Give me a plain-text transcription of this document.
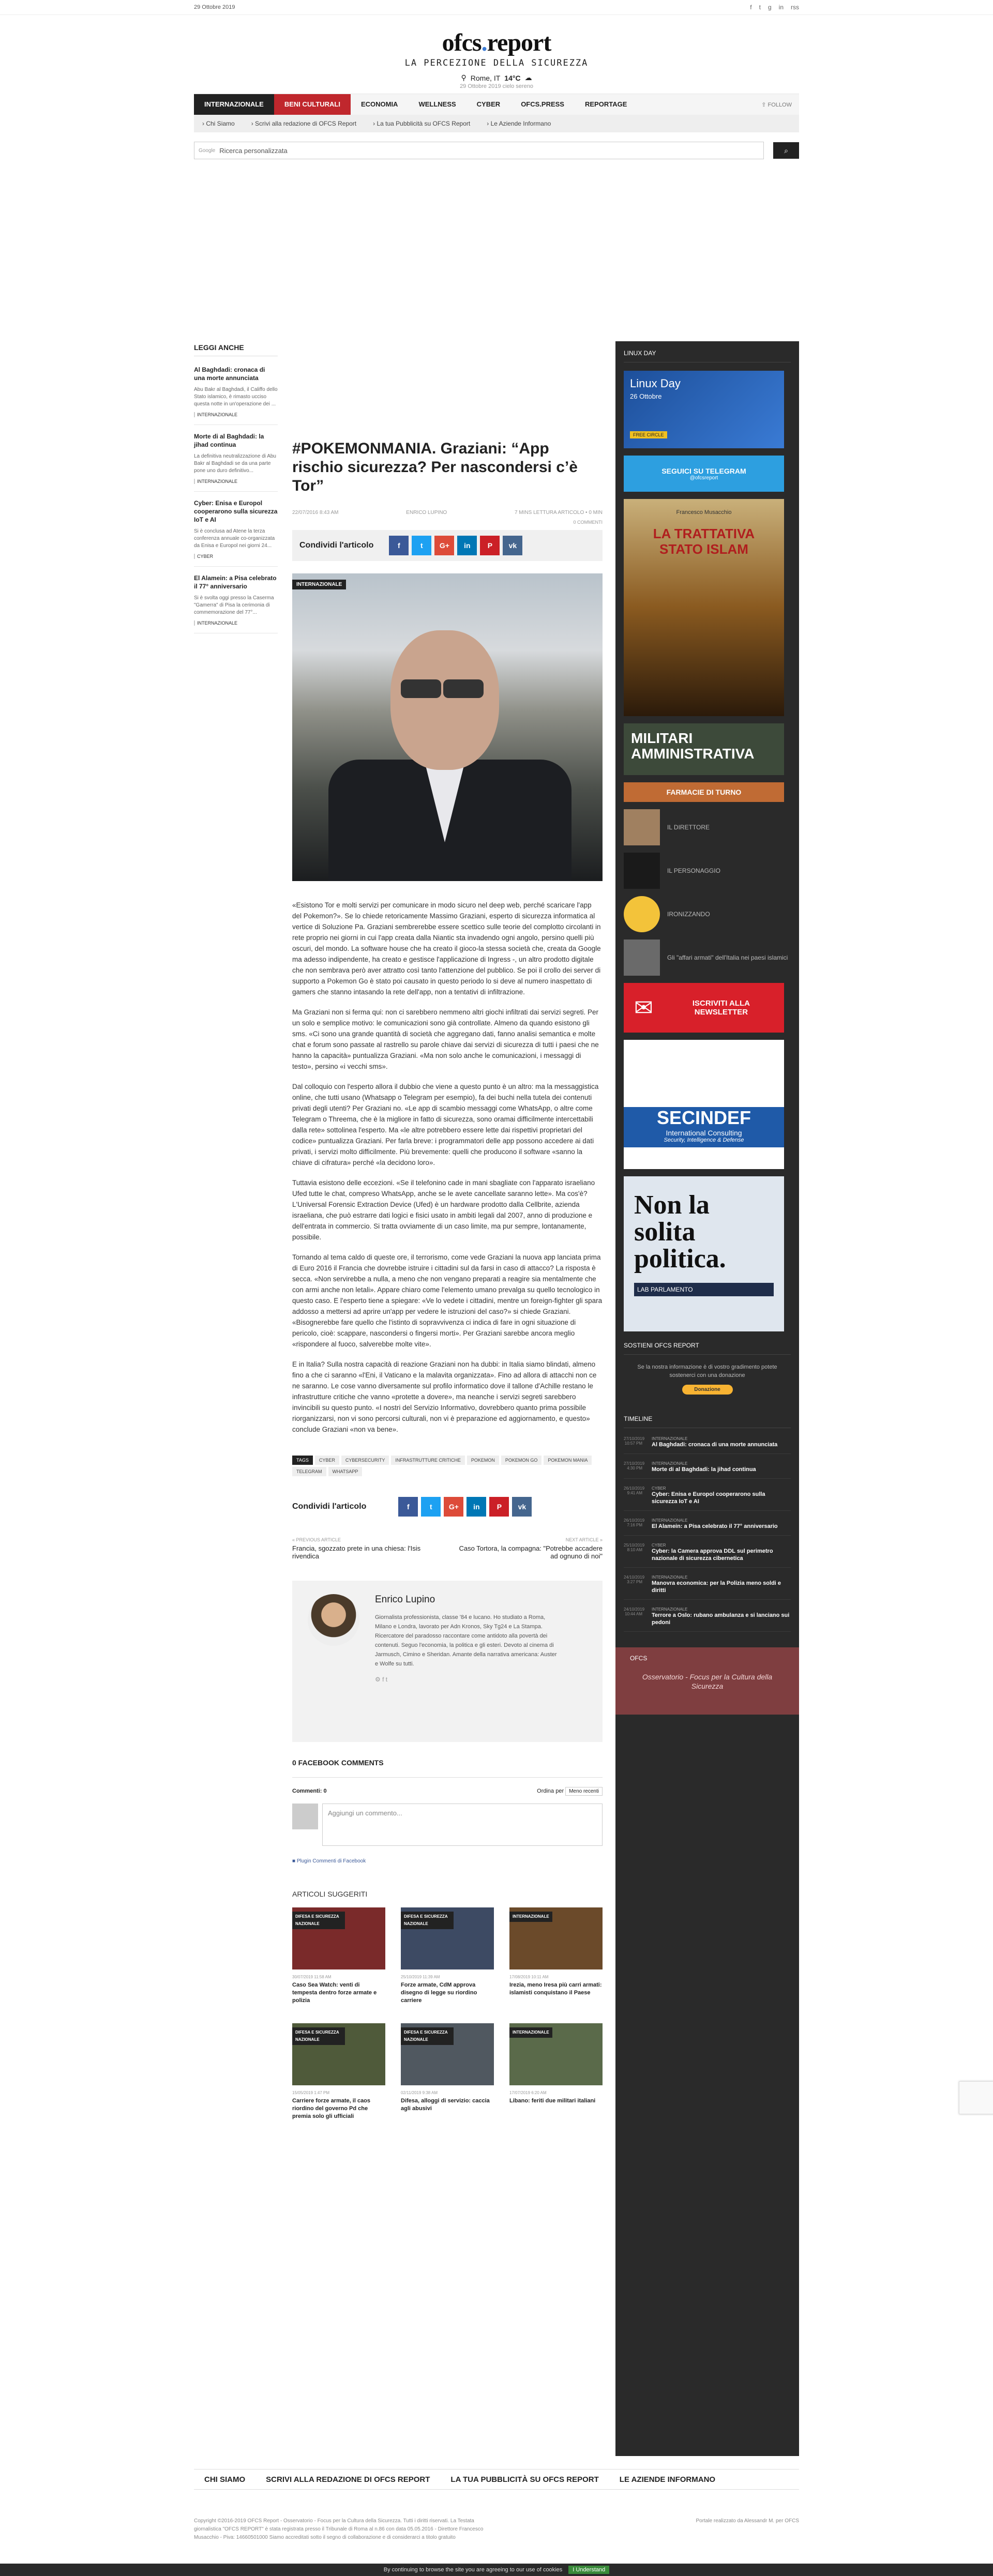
29 Ottobre 2019	f t g in rss
ofcs.report
LA PERCEZIONE DELLA SICUREZZA
⚲ Rome, IT 14°C ☁
29 Ottobre 2019 cielo sereno
INTERNAZIONALE	BENI CULTURALI	ECONOMIA	WELLNESS	CYBER	OFCS.PRESS	REPORTAGE	⇪ FOLLOW
› Chi Siamo	› Scrivi alla redazione di OFCS Report	› La tua Pubblicità su OFCS Report	› Le Aziende Informano
Google Ricerca personalizzata	⌕
LEGGI ANCHE
Al Baghdadi: cronaca di una morte annunciata
Abu Bakr al Baghdadi, il Califfo dello Stato islamico, è rimasto ucciso questa notte in un'operazione dei ...
INTERNAZIONALE
Morte di al Baghdadi: la jihad continua
La definitiva neutralizzazione di Abu Bakr al Baghdadi se da una parte pone uno duro definitivo...
INTERNAZIONALE
Cyber: Enisa e Europol cooperarono sulla sicurezza IoT e AI
Si è conclusa ad Atene la terza conferenza annuale co-organizzata da Enisa e Europol nei giorni 24...
CYBER
El Alamein: a Pisa celebrato il 77° anniversario
Si è svolta oggi presso la Caserma "Gamerra" di Pisa la cerimonia di commemorazione del 77°...
INTERNAZIONALE
#POKEMONMANIA. Graziani: “App rischio sicurezza? Per nascondersi c’è Tor”
22/07/2016 8:43 AM	ENRICO LUPINO	7 MINS LETTURA ARTICOLO • 0 MIN
0 COMMENTI
Condividi l'articolo	f	t	G+	in	P	vk
INTERNAZIONALE

«Esistono Tor e molti servizi per comunicare in modo sicuro nel deep web, perché scaricare l'app del Pokemon?». Se lo chiede retoricamente Massimo Graziani, esperto di sicurezza informatica al vertice di Soluzione Pa. Graziani sembrerebbe essere scettico sulle teorie del complotto circolanti in rete proprio nei giorni in cui l'app creata dalla Niantic sta invadendo ogni angolo, persino quelli più oscuri, del mondo. La software house che ha creato il gioco-la stessa società che, creata da Google ma adesso indipendente, ha creato e gestisce l'applicazione di Ingress -, un altro prodotto digitale che non sembrava però aver attratto così tanto l'attenzione del pubblico. Se poi il crollo dei server di supporto a Pokemon Go è stato poi causato in questo periodo lo si deve al numero inaspettato di gamers che stanno intasando la rete dell'app, non a tentativi di infiltrazione.

Ma Graziani non si ferma qui: non ci sarebbero nemmeno altri giochi infiltrati dai servizi segreti. Per un solo e semplice motivo: le comunicazioni sono già controllate. Almeno da quando esistono gli sms. «Ci sono una grande quantità di società che aggregano dati, fanno analisi semantica e molte chat e forum sono passate al rastrello su parole chiave dai servizi di sicurezza di tutti i paesi che ne hanno la capacità» puntualizza Graziani. «Ma non solo anche le comunicazioni, i messaggi di testo», persino «i vecchi sms».

Dal colloquio con l'esperto allora il dubbio che viene a questo punto è un altro: ma la messaggistica online, che tutti usano (Whatsapp o Telegram per esempio), fa dei buchi nella tutela dei contenuti privati degli utenti? Per Graziani no. «Le app di scambio messaggi come WhatsApp, o altre come Telegram o Threema, che è la migliore in fatto di sicurezza, sono oramai difficilmente intercettabili dalla rete» sottolinea l'esperto. Ma «le altre potrebbero essere lette dai rispettivi proprietari del codice» puntualizza Graziani. Per farla breve: i programmatori delle app possono accedere ai dati privati, i servizi molto difficilmente. Più brevemente: quelli che producono il software «sanno la chiave di cifratura» perché «la decidono loro».

Tuttavia esistono delle eccezioni. «Se il telefonino cade in mani sbagliate con l'apparato israeliano Ufed tutte le chat, compreso WhatsApp, anche se le avete cancellate saranno lette». Ma cos'è? L'Universal Forensic Extraction Device (Ufed) è un hardware prodotto dalla Cellbrite, azienda israeliana, che può estrarre dati logici e fisici usato in ambiti legali dal 2007, anno di produzione e dell'entrata in commercio. Si tratta ovviamente di un caso limite, ma pur sempre, lontanamente, possibile.

Tornando al tema caldo di queste ore, il terrorismo, come vede Graziani la nuova app lanciata prima di Euro 2016 il Francia che dovrebbe istruire i cittadini sul da farsi in caso di attacco? La risposta è secca. «Non servirebbe a nulla, a meno che non vengano preparati a reagire sia mentalmente che con armi anche non letali». Appare chiaro come l'elemento umano prevalga su quello tecnologico in questo caso. E l'esperto tiene a spiegare: «Ve lo vedete i cittadini, mentre un foreign-fighter gli spara addosso a mettersi ad aprire un'app per vedere le istruzioni del caso?» si chiede Graziani. «Bisognerebbe fare quello che l'istinto di sopravvivenza ci indica di fare in ogni situazione di pericolo, cioè: scappare, nascondersi o fingersi morti». Per Graziani sarebbe ancora meglio «rispondere al fuoco, salverebbe molte vite».

E in Italia? Sulla nostra capacità di reazione Graziani non ha dubbi: in Italia siamo blindati, almeno fino a che ci saranno «l'Eni, il Vaticano e la malavita organizzata». Fino ad allora di attacchi non ce ne saranno. Le cose vanno diversamente sul profilo informatico dove il tallone d'Achille restano le infrastrutture critiche che vanno «protette a dovere», ma neanche i servizi segreti sarebbero invincibili su questo punto. «I nostri del Servizio Informativo, dovrebbero quanto prima possibile riorganizzarsi, non vi sono percorsi culturali, non vi è preparazione ed aggiornamento, e questo» conclude Graziani «non va bene».

TAGS	CYBER	CYBERSECURITY	INFRASTRUTTURE CRITICHE	POKEMON	POKEMON GO	POKEMON MANIA
TELEGRAM	WHATSAPP
Condividi l'articolo	f	t	G+	in	P	vk
« PREVIOUS ARTICLE
Francia, sgozzato prete in una chiesa: l'Isis rivendica
NEXT ARTICLE »
Caso Tortora, la compagna: "Potrebbe accadere ad ognuno di noi"
Enrico Lupino
Giornalista professionista, classe '84 e lucano. Ho studiato a Roma, Milano e Londra, lavorato per Adn Kronos, Sky Tg24 e La Stampa. Ricercatore del paradosso raccontare come antidoto alla povertà dei contenuti. Seguo l'economia, la politica e gli esteri. Devoto al cinema di Jarmusch, Cimino e Sheridan. Amante della narrativa americana: Auster e Wolfe su tutti.
⚙ f t
0 FACEBOOK COMMENTS
Commenti: 0	Ordina per Meno recenti
Aggiungi un commento...
■ Plugin Commenti di Facebook
ARTICOLI SUGGERITI
DIFESA E SICUREZZA NAZIONALE
30/07/2019 11:58 AM
Caso Sea Watch: venti di tempesta dentro forze armate e polizia
DIFESA E SICUREZZA NAZIONALE
25/10/2019 11:39 AM
Forze armate, CdM approva disegno di legge su riordino carriere
INTERNAZIONALE
17/08/2019 10:11 AM
Irezia, meno Iresa più carri armati: islamisti conquistano il Paese
DIFESA E SICUREZZA NAZIONALE
15/05/2019 1:47 PM
Carriere forze armate, il caos riordino del governo Pd che premia solo gli ufficiali
DIFESA E SICUREZZA NAZIONALE
02/11/2019 9:38 AM
Difesa, alloggi di servizio: caccia agli abusivi
INTERNAZIONALE
17/07/2019 6:20 AM
Libano: feriti due militari italiani
LINUX DAY
Linux Day
26 Ottobre
FREE CIRCLE
SEGUICI SU TELEGRAM
@ofcsreport
Francesco Musacchio
LA TRATTATIVA STATO ISLAM
MILITARI AMMINISTRATIVA
FARMACIE DI TURNO
IL DIRETTORE
IL PERSONAGGIO
IRONIZZANDO
Gli "affari armati" dell'Italia nei paesi islamici
✉	ISCRIVITI ALLA NEWSLETTER
SECINDEF
International Consulting
Security, Intelligence & Defense
Non la solita politica.
LAB PARLAMENTO
SOSTIENI OFCS REPORT
Se la nostra informazione è di vostro gradimento potete sostenerci con una donazione
Donazione
TIMELINE
27/10/2019 10:57 PM
INTERNAZIONALE
Al Baghdadi: cronaca di una morte annunciata
27/10/2019 4:30 PM
INTERNAZIONALE
Morte di al Baghdadi: la jihad continua
26/10/2019 9:41 AM
CYBER
Cyber: Enisa e Europol cooperarono sulla sicurezza IoT e AI
26/10/2019 7:16 PM
INTERNAZIONALE
El Alamein: a Pisa celebrato il 77° anniversario
25/10/2019 8:10 AM
CYBER
Cyber: la Camera approva DDL sul perimetro nazionale di sicurezza cibernetica
24/10/2019 3:27 PM
INTERNAZIONALE
Manovra economica: per la Polizia meno soldi e diritti
24/10/2019 10:44 AM
INTERNAZIONALE
Terrore a Oslo: rubano ambulanza e si lanciano sui pedoni
OFCS
Osservatorio - Focus per la Cultura della Sicurezza
CHI SIAMO	SCRIVI ALLA REDAZIONE DI OFCS REPORT	LA TUA PUBBLICITÀ SU OFCS REPORT	LE AZIENDE INFORMANO
Copyright ©2016-2019 OFCS Report - Osservatorio - Focus per la Cultura della Sicurezza. Tutti i diritti riservati. La Testata giornalistica "OFCS REPORT" è stata registrata presso il Tribunale di Roma al n.86 con data 05.05.2016 - Direttore Francesco Musacchio - Piva: 14660501000 Siamo accreditati sotto il segno di collaborazione e di considerarci a titolo gratuito
Portale realizzato da Alessandr M. per OFCS
By continuing to browse the site you are agreeing to our use of cookies	I Understand
